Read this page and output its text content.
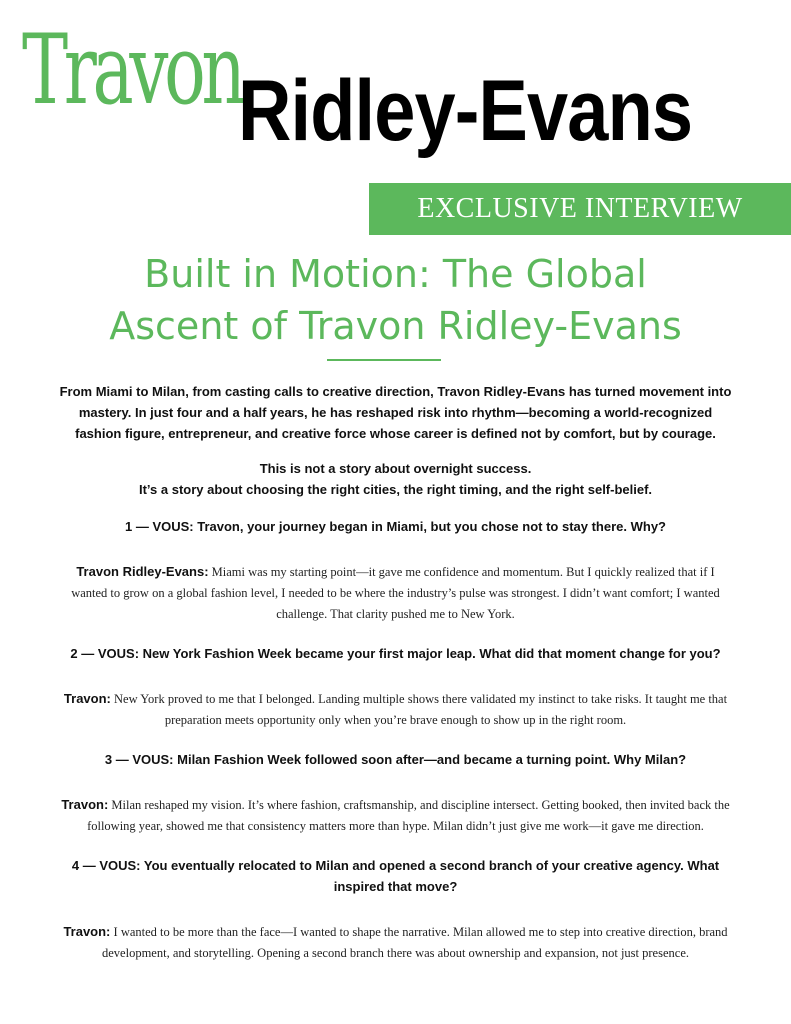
Travon
Ridley-Evans
EXCLUSIVE INTERVIEW
Built in Motion: The Global
Ascent of Travon Ridley-Evans

From Miami to Milan, from casting calls to creative direction, Travon Ridley-Evans has turned movement into mastery. In just four and a half years, he has reshaped risk into rhythm—becoming a world-recognized fashion figure, entrepreneur, and creative force whose career is defined not by comfort, but by courage.

This is not a story about overnight success.
It’s a story about choosing the right cities, the right timing, and the right self-belief.

1 — VOUS: Travon, your journey began in Miami, but you chose not to stay there. Why?

Travon Ridley-Evans: Miami was my starting point—it gave me confidence and momentum. But I quickly realized that if I wanted to grow on a global fashion level, I needed to be where the industry’s pulse was strongest. I didn’t want comfort; I wanted challenge. That clarity pushed me to New York.

2 — VOUS: New York Fashion Week became your first major leap. What did that moment change for you?

Travon: New York proved to me that I belonged. Landing multiple shows there validated my instinct to take risks. It taught me that preparation meets opportunity only when you’re brave enough to show up in the right room.

3 — VOUS: Milan Fashion Week followed soon after—and became a turning point. Why Milan?

Travon: Milan reshaped my vision. It’s where fashion, craftsmanship, and discipline intersect. Getting booked, then invited back the following year, showed me that consistency matters more than hype. Milan didn’t just give me work—it gave me direction.

4 — VOUS: You eventually relocated to Milan and opened a second branch of your creative agency. What inspired that move?

Travon: I wanted to be more than the face—I wanted to shape the narrative. Milan allowed me to step into creative direction, brand development, and storytelling. Opening a second branch there was about ownership and expansion, not just presence.
